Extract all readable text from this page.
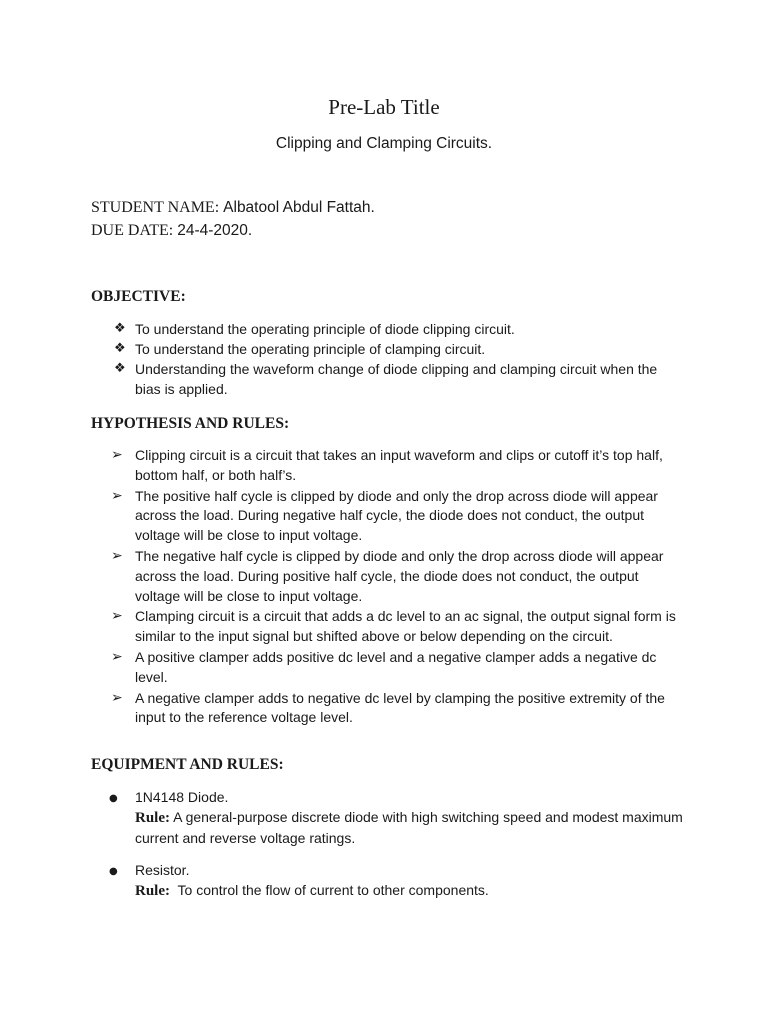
Pre-Lab Title
Clipping and Clamping Circuits.
STUDENT NAME: Albatool Abdul Fattah.
DUE DATE: 24-4-2020.
OBJECTIVE:
❖ To understand the operating principle of diode clipping circuit.
❖ To understand the operating principle of clamping circuit.
❖ Understanding the waveform change of diode clipping and clamping circuit when the bias is applied.
HYPOTHESIS AND RULES:
➢ Clipping circuit is a circuit that takes an input waveform and clips or cutoff it’s top half, bottom half, or both half’s.
➢ The positive half cycle is clipped by diode and only the drop across diode will appear across the load. During negative half cycle, the diode does not conduct, the output voltage will be close to input voltage.
➢ The negative half cycle is clipped by diode and only the drop across diode will appear across the load. During positive half cycle, the diode does not conduct, the output voltage will be close to input voltage.
➢ Clamping circuit is a circuit that adds a dc level to an ac signal, the output signal form is similar to the input signal but shifted above or below depending on the circuit.
➢ A positive clamper adds positive dc level and a negative clamper adds a negative dc level.
➢ A negative clamper adds to negative dc level by clamping the positive extremity of the input to the reference voltage level.
EQUIPMENT AND RULES:
● 1N4148 Diode.
Rule: A general-purpose discrete diode with high switching speed and modest maximum current and reverse voltage ratings.
● Resistor.
Rule:  To control the flow of current to other components.
